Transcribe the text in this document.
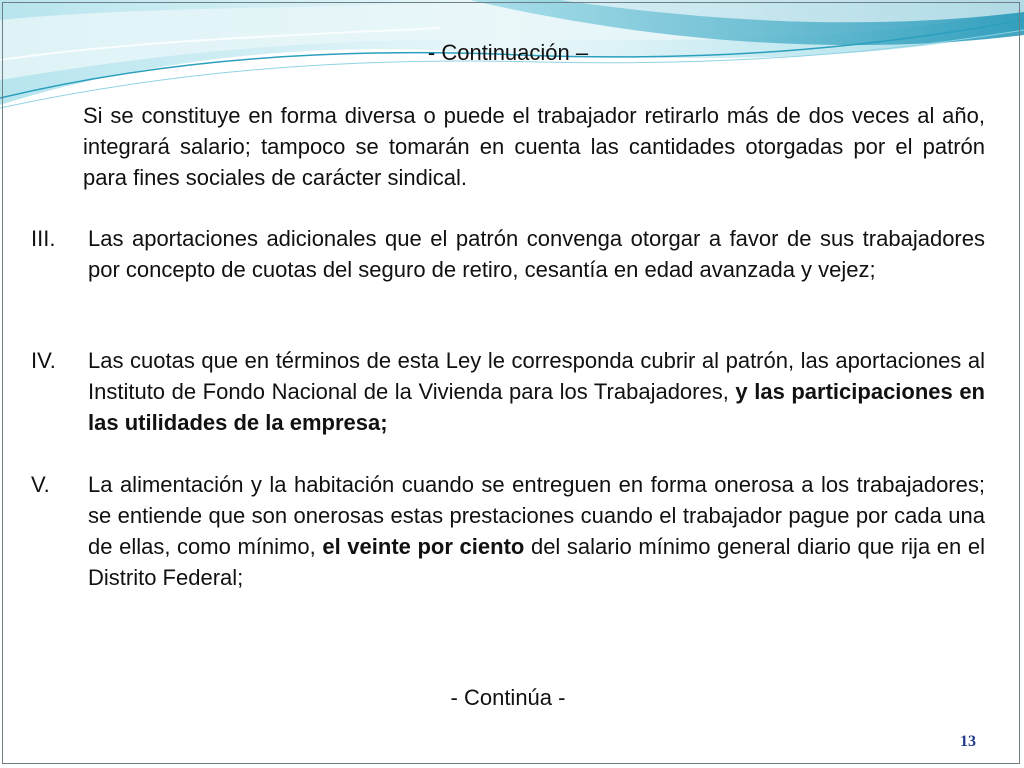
- Continuación –

Si se constituye en forma diversa o puede el trabajador retirarlo más de dos veces al año, integrará salario; tampoco se tomarán en cuenta las cantidades otorgadas por el patrón para fines sociales de carácter sindical.

III. Las aportaciones adicionales que el patrón convenga otorgar a favor de sus trabajadores por concepto de cuotas del seguro de retiro, cesantía en edad avanzada y vejez;
IV. Las cuotas que en términos de esta Ley le corresponda cubrir al patrón, las aportaciones al Instituto de Fondo Nacional de la Vivienda para los Trabajadores, y las participaciones en las utilidades de la empresa;
V. La alimentación y la habitación cuando se entreguen en forma onerosa a los trabajadores; se entiende que son onerosas estas prestaciones cuando el trabajador pague por cada una de ellas, como mínimo, el veinte por ciento del salario mínimo general diario que rija en el Distrito Federal;
- Continúa -
13
